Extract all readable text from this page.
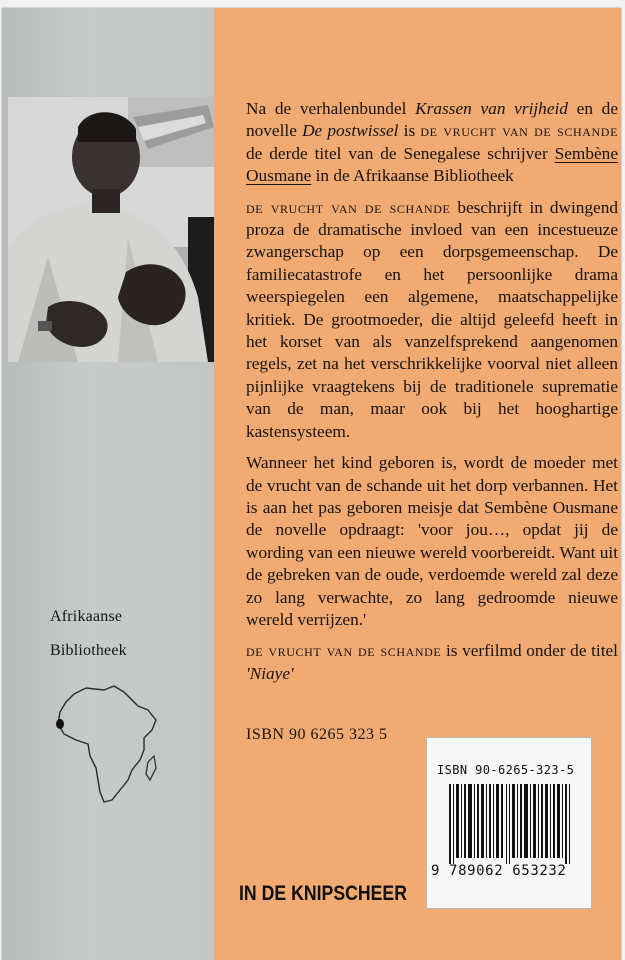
Afrikaanse
Bibliotheek

Na de verhalenbundel Krassen van vrijheid en de novelle De postwissel is de vrucht van de schande de derde titel van de Senegalese schrijver Sembène Ousmane in de Afrikaanse Bibliotheek

de vrucht van de schande beschrijft in dwingend proza de dramatische invloed van een incestueuze zwangerschap op een dorpsgemeenschap. De familiecatastrofe en het persoonlijke drama weerspiegelen een algemene, maatschappelijke kritiek. De grootmoeder, die altijd geleefd heeft in het korset van als vanzelfsprekend aangenomen regels, zet na het verschrikkelijke voorval niet alleen pijnlijke vraagtekens bij de traditionele suprematie van de man, maar ook bij het hooghartige kastensysteem.

Wanneer het kind geboren is, wordt de moeder met de vrucht van de schande uit het dorp verbannen. Het is aan het pas geboren meisje dat Sembène Ousmane de novelle opdraagt: 'voor jou…, opdat jij de wording van een nieuwe wereld voorbereidt. Want uit de gebreken van de oude, verdoemde wereld zal deze zo lang verwachte, zo lang gedroomde nieuwe wereld verrijzen.'

de vrucht van de schande is verfilmd onder de titel 'Niaye'

ISBN 90 6265 323 5
ISBN 90-6265-323-5
9 789062 653232
IN DE KNIPSCHEER
